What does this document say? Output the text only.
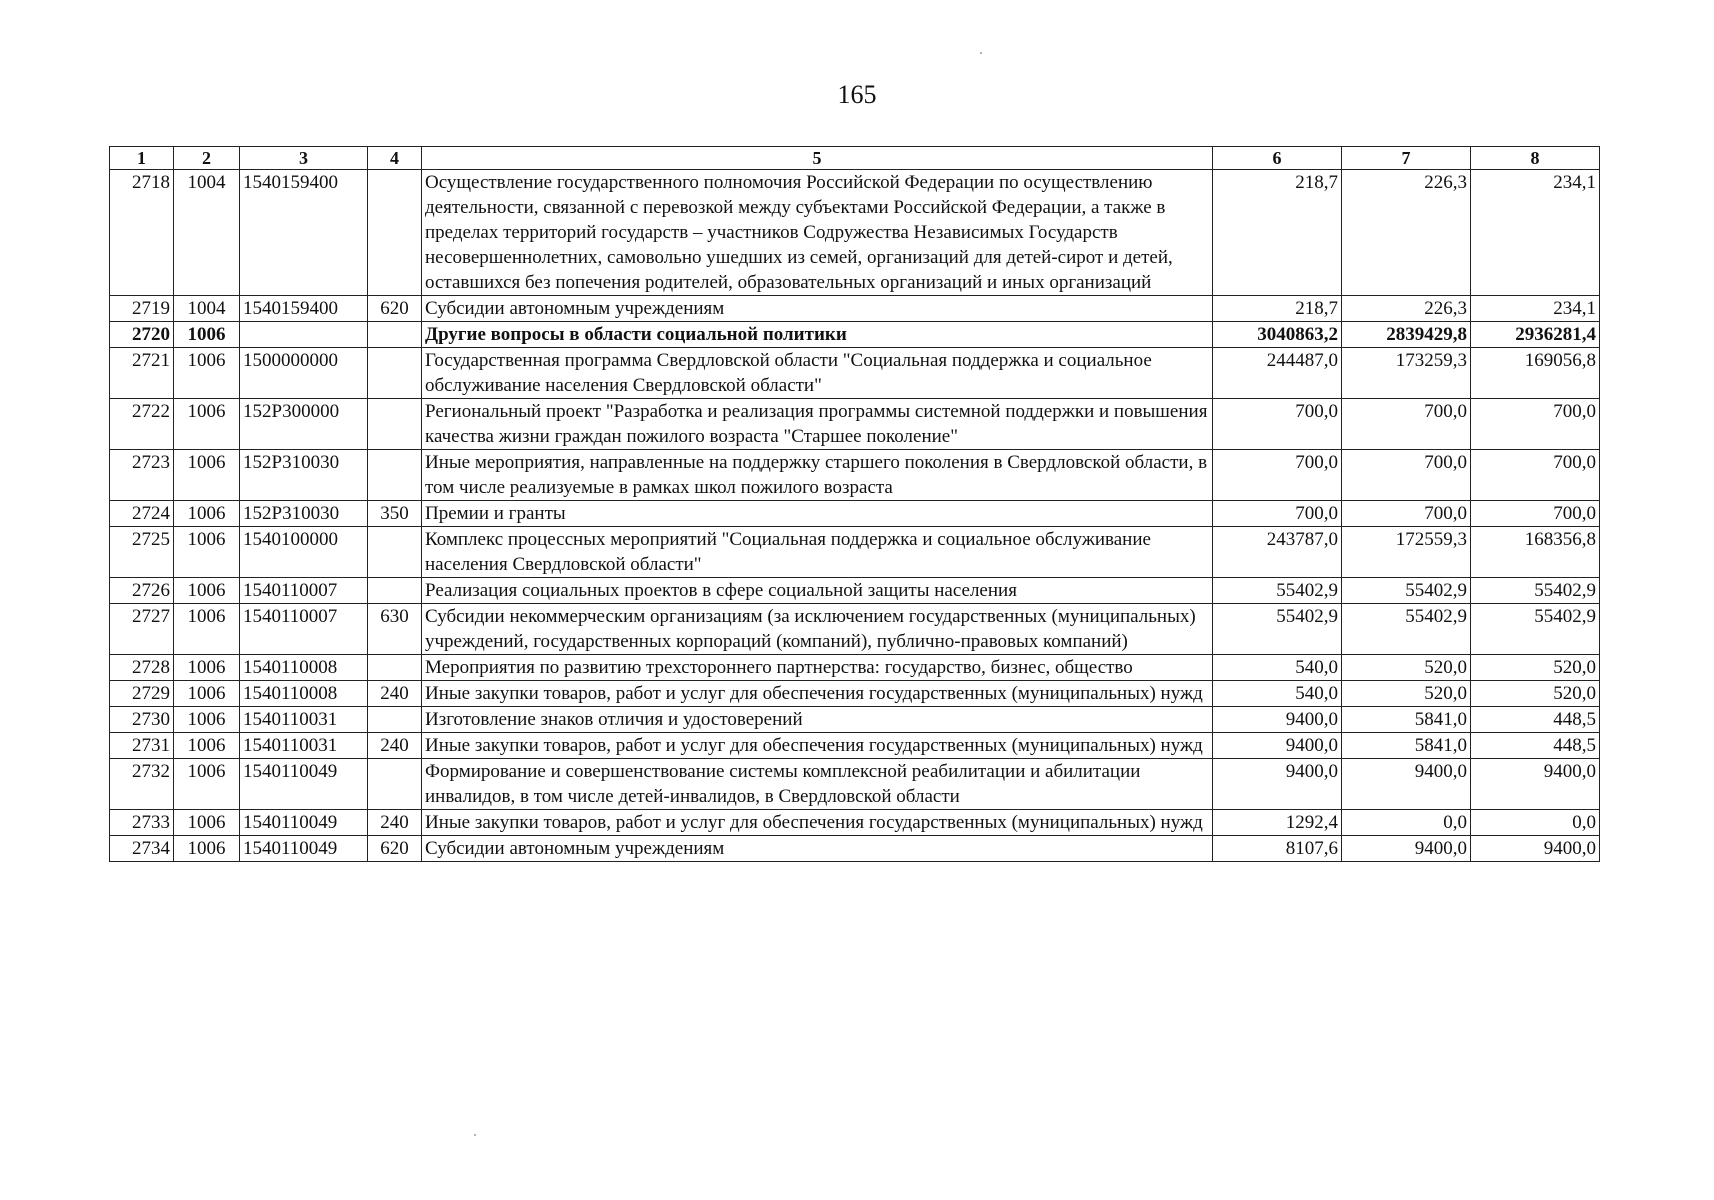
165
1	2	3	4	5	6	7	8
2718	1004	1540159400		Осуществление государственного полномочия Российской Федерации по осуществлению деятельности, связанной с перевозкой между субъектами Российской Федерации, а также в пределах территорий государств – участников Содружества Независимых Государств несовершеннолетних, самовольно ушедших из семей, организаций для детей-сирот и детей, оставшихся без попечения родителей, образовательных организаций и иных организаций	218,7	226,3	234,1
2719	1004	1540159400	620	Субсидии автономным учреждениям	218,7	226,3	234,1
2720	1006			Другие вопросы в области социальной политики	3040863,2	2839429,8	2936281,4
2721	1006	1500000000		Государственная программа Свердловской области "Социальная поддержка и социальное обслуживание населения Свердловской области"	244487,0	173259,3	169056,8
2722	1006	152Р300000		Региональный проект "Разработка и реализация программы системной поддержки и повышения качества жизни граждан пожилого возраста "Старшее поколение"	700,0	700,0	700,0
2723	1006	152Р310030		Иные мероприятия, направленные на поддержку старшего поколения в Свердловской области, в том числе реализуемые в рамках школ пожилого возраста	700,0	700,0	700,0
2724	1006	152Р310030	350	Премии и гранты	700,0	700,0	700,0
2725	1006	1540100000		Комплекс процессных мероприятий "Социальная поддержка и социальное обслуживание населения Свердловской области"	243787,0	172559,3	168356,8
2726	1006	1540110007		Реализация социальных проектов в сфере социальной защиты населения	55402,9	55402,9	55402,9
2727	1006	1540110007	630	Субсидии некоммерческим организациям (за исключением государственных (муниципальных) учреждений, государственных корпораций (компаний), публично-правовых компаний)	55402,9	55402,9	55402,9
2728	1006	1540110008		Мероприятия по развитию трехстороннего партнерства: государство, бизнес, общество	540,0	520,0	520,0
2729	1006	1540110008	240	Иные закупки товаров, работ и услуг для обеспечения государственных (муниципальных) нужд	540,0	520,0	520,0
2730	1006	1540110031		Изготовление знаков отличия и удостоверений	9400,0	5841,0	448,5
2731	1006	1540110031	240	Иные закупки товаров, работ и услуг для обеспечения государственных (муниципальных) нужд	9400,0	5841,0	448,5
2732	1006	1540110049		Формирование и совершенствование системы комплексной реабилитации и абилитации инвалидов, в том числе детей-инвалидов, в Свердловской области	9400,0	9400,0	9400,0
2733	1006	1540110049	240	Иные закупки товаров, работ и услуг для обеспечения государственных (муниципальных) нужд	1292,4	0,0	0,0
2734	1006	1540110049	620	Субсидии автономным учреждениям	8107,6	9400,0	9400,0
